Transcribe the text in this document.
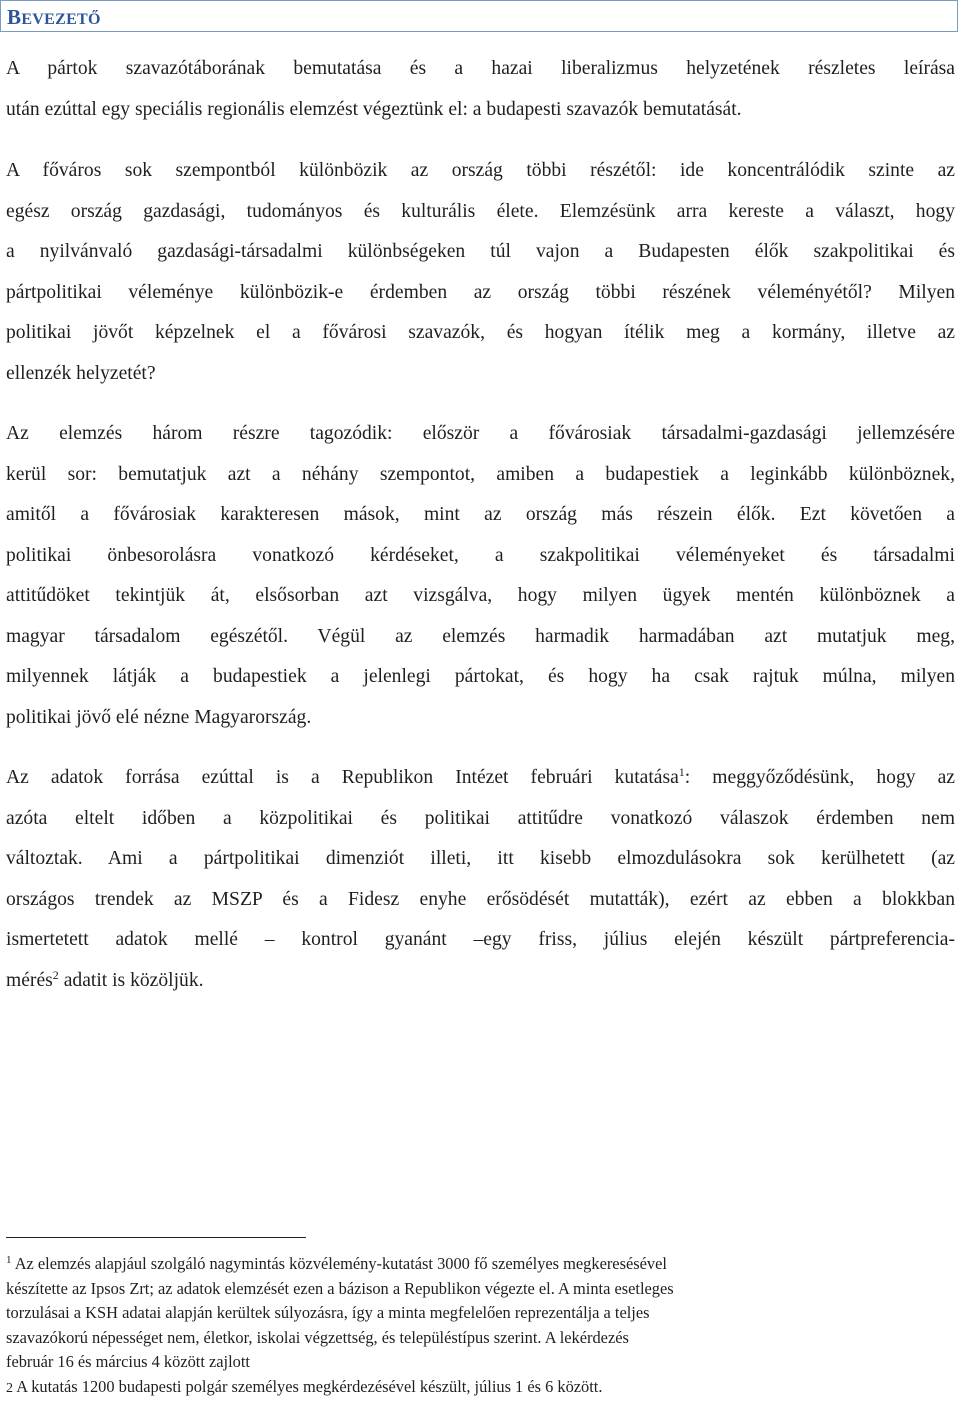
BEVEZETŐ

A pártok szavazótáborának bemutatása és a hazai liberalizmus helyzetének részletes leírása
után ezúttal egy speciális regionális elemzést végeztünk el: a budapesti szavazók bemutatását.

A főváros sok szempontból különbözik az ország többi részétől: ide koncentrálódik szinte az
egész ország gazdasági, tudományos és kulturális élete. Elemzésünk arra kereste a választ, hogy
a nyilvánvaló gazdasági-társadalmi különbségeken túl vajon a Budapesten élők szakpolitikai és
pártpolitikai véleménye különbözik-e érdemben az ország többi részének véleményétől? Milyen
politikai jövőt képzelnek el a fővárosi szavazók, és hogyan ítélik meg a kormány, illetve az
ellenzék helyzetét?

Az elemzés három részre tagozódik: először a fővárosiak társadalmi-gazdasági jellemzésére
kerül sor: bemutatjuk azt a néhány szempontot, amiben a budapestiek a leginkább különböznek,
amitől a fővárosiak karakteresen mások, mint az ország más részein élők. Ezt követően a
politikai önbesorolásra vonatkozó kérdéseket, a szakpolitikai véleményeket és társadalmi
attitűdöket tekintjük át, elsősorban azt vizsgálva, hogy milyen ügyek mentén különböznek a
magyar társadalom egészétől. Végül az elemzés harmadik harmadában azt mutatjuk meg,
milyennek látják a budapestiek a jelenlegi pártokat, és hogy ha csak rajtuk múlna, milyen
politikai jövő elé nézne Magyarország.

Az adatok forrása ezúttal is a Republikon Intézet februári kutatása$^1$: meggyőződésünk, hogy az
azóta eltelt időben a közpolitikai és politikai attitűdre vonatkozó válaszok érdemben nem
változtak. Ami a pártpolitikai dimenziót illeti, itt kisebb elmozdulásokra sok kerülhetett (az
országos trendek az MSZP és a Fidesz enyhe erősödését mutatták), ezért az ebben a blokkban
ismertetett adatok mellé – kontrol gyanánt –egy friss, július elején készült pártpreferencia-
mérés$^2$ adatit is közöljük.

$^1$ Az elemzés alapjául szolgáló nagymintás közvélemény-kutatást 3000 fő személyes megkeresésével
készítette az Ipsos Zrt; az adatok elemzését ezen a bázison a Republikon végezte el. A minta esetleges
torzulásai a KSH adatai alapján kerültek súlyozásra, így a minta megfelelően reprezentálja a teljes
szavazókorú népességet nem, életkor, iskolai végzettség, és településtípus szerint. A lekérdezés
február 16 és március 4 között zajlott
2 A kutatás 1200 budapesti polgár személyes megkérdezésével készült, július 1 és 6 között.
